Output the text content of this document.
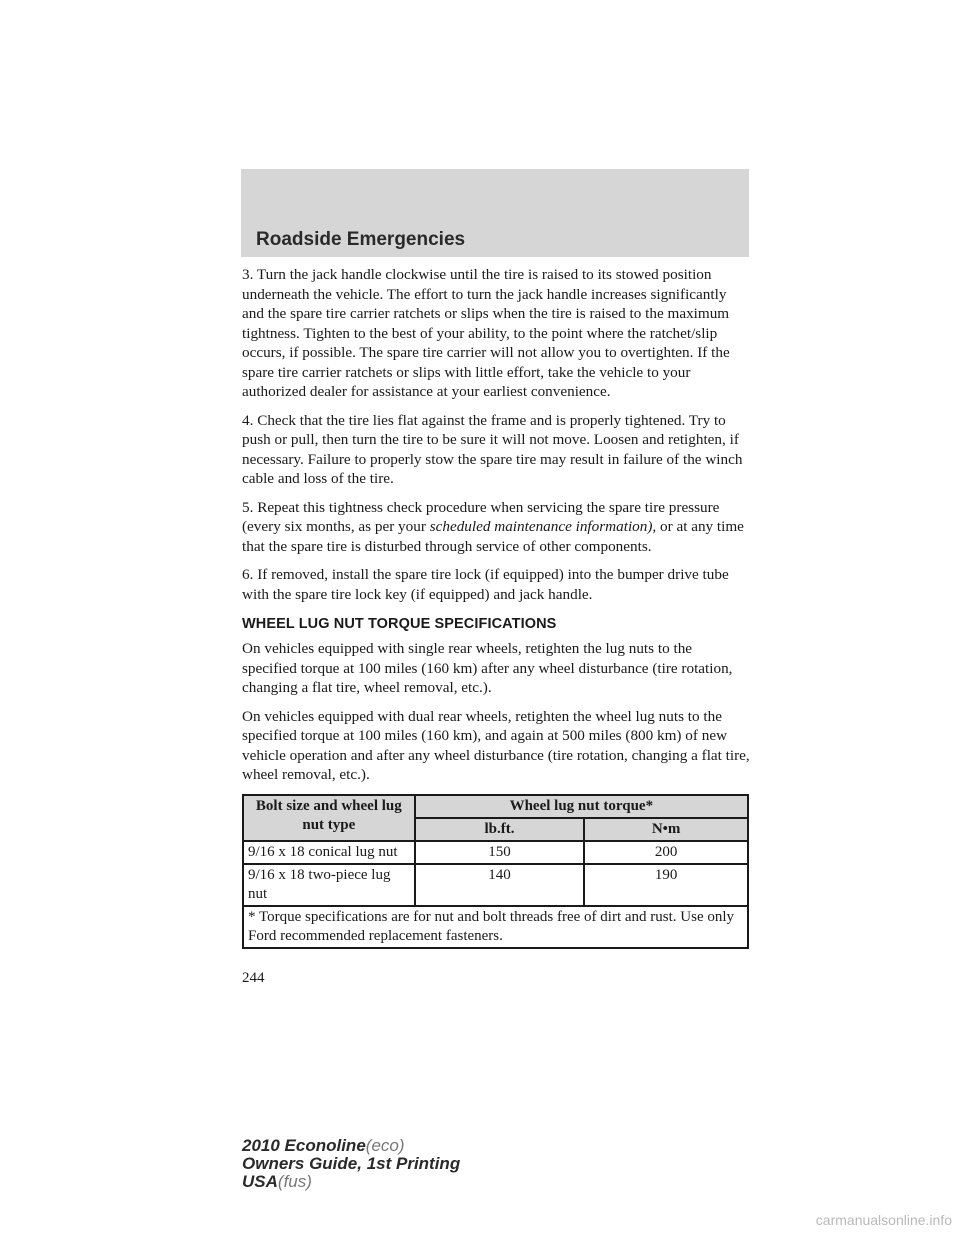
Roadside Emergencies

3. Turn the jack handle clockwise until the tire is raised to its stowed position underneath the vehicle. The effort to turn the jack handle increases significantly and the spare tire carrier ratchets or slips when the tire is raised to the maximum tightness. Tighten to the best of your ability, to the point where the ratchet/slip occurs, if possible. The spare tire carrier will not allow you to overtighten. If the spare tire carrier ratchets or slips with little effort, take the vehicle to your authorized dealer for assistance at your earliest convenience.

4. Check that the tire lies flat against the frame and is properly tightened. Try to push or pull, then turn the tire to be sure it will not move. Loosen and retighten, if necessary. Failure to properly stow the spare tire may result in failure of the winch cable and loss of the tire.

5. Repeat this tightness check procedure when servicing the spare tire pressure (every six months, as per your scheduled maintenance information), or at any time that the spare tire is disturbed through service of other components.

6. If removed, install the spare tire lock (if equipped) into the bumper drive tube with the spare tire lock key (if equipped) and jack handle.

WHEEL LUG NUT TORQUE SPECIFICATIONS

On vehicles equipped with single rear wheels, retighten the lug nuts to the specified torque at 100 miles (160 km) after any wheel disturbance (tire rotation, changing a flat tire, wheel removal, etc.).

On vehicles equipped with dual rear wheels, retighten the wheel lug nuts to the specified torque at 100 miles (160 km), and again at 500 miles (800 km) of new vehicle operation and after any wheel disturbance (tire rotation, changing a flat tire, wheel removal, etc.).

Bolt size and wheel lug nut type	Wheel lug nut torque*	
	lb.ft.	N•m
9/16 x 18 conical lug nut	150	200
9/16 x 18 two-piece lug nut	140	190
* Torque specifications are for nut and bolt threads free of dirt and rust. Use only Ford recommended replacement fasteners.		
244
2010 Econoline(eco)
Owners Guide, 1st Printing
USA(fus)
carmanualsonline.info
